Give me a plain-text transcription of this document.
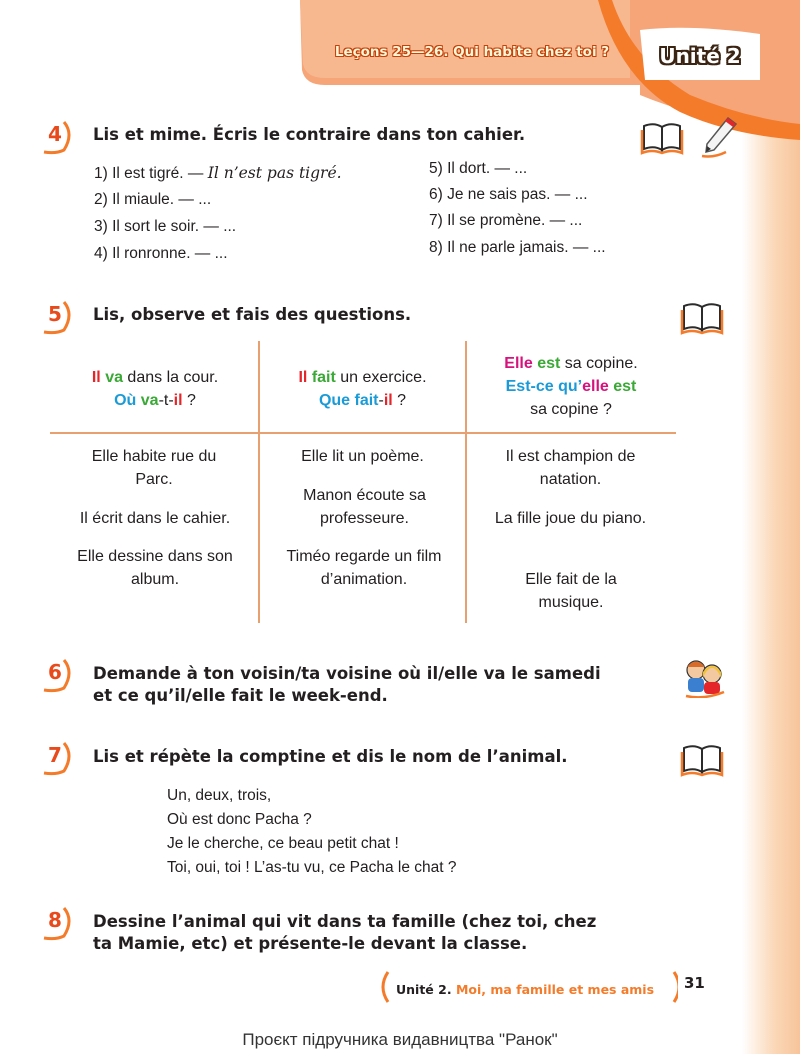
Leçons 25—26. Qui habite chez toi ?	Unité 2
4 Lis et mime. Écris le contraire dans ton cahier.
1) Il est tigré. — Il n’est pas tigré.
2) Il miaule. — ...
3) Il sort le soir. — ...
4) Il ronronne. — ...
5) Il dort. — ...
6) Je ne sais pas. — ...
7) Il se promène. — ...
8) Il ne parle jamais. — ...
5 Lis, observe et fais des questions.
Il va dans la cour.
Où va-t-il ?
Il fait un exercice.
Que fait-il ?
Elle est sa copine.
Est-ce qu’elle est
sa copine ?
Elle habite rue du Parc.
Il écrit dans le cahier.
Elle dessine dans son album.
Elle lit un poème.
Manon écoute sa professeure.
Timéo regarde un film d’animation.
Il est champion de natation.
La fille joue du piano.
Elle fait de la musique.
6 Demande à ton voisin/ta voisine où il/elle va le samedi
et ce qu’il/elle fait le week-end.
7 Lis et répète la comptine et dis le nom de l’animal.
Un, deux, trois,
Où est donc Pacha ?
Je le cherche, ce beau petit chat !
Toi, oui, toi ! L’as-tu vu, ce Pacha le chat ?
8 Dessine l’animal qui vit dans ta famille (chez toi, chez
ta Mamie, etc) et présente-le devant la classe.
Unité 2. Moi, ma famille et mes amis 31
Проєкт підручника видавництва "Ранок"
